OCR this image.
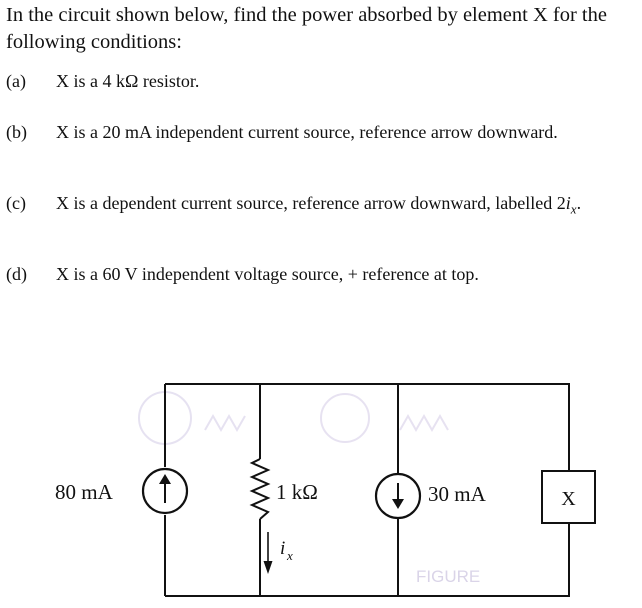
In the circuit shown below, find the power absorbed by element X for the following conditions:

(a) X is a 4 kΩ resistor.
(b) X is a 20 mA independent current source, reference arrow downward.
(c) X is a dependent current source, reference arrow downward, labelled $2i_x$.
(d) X is a 60 V independent voltage source, + reference at top.
FIGURE
80 mA	1 kΩ
i x
30 mA	X
